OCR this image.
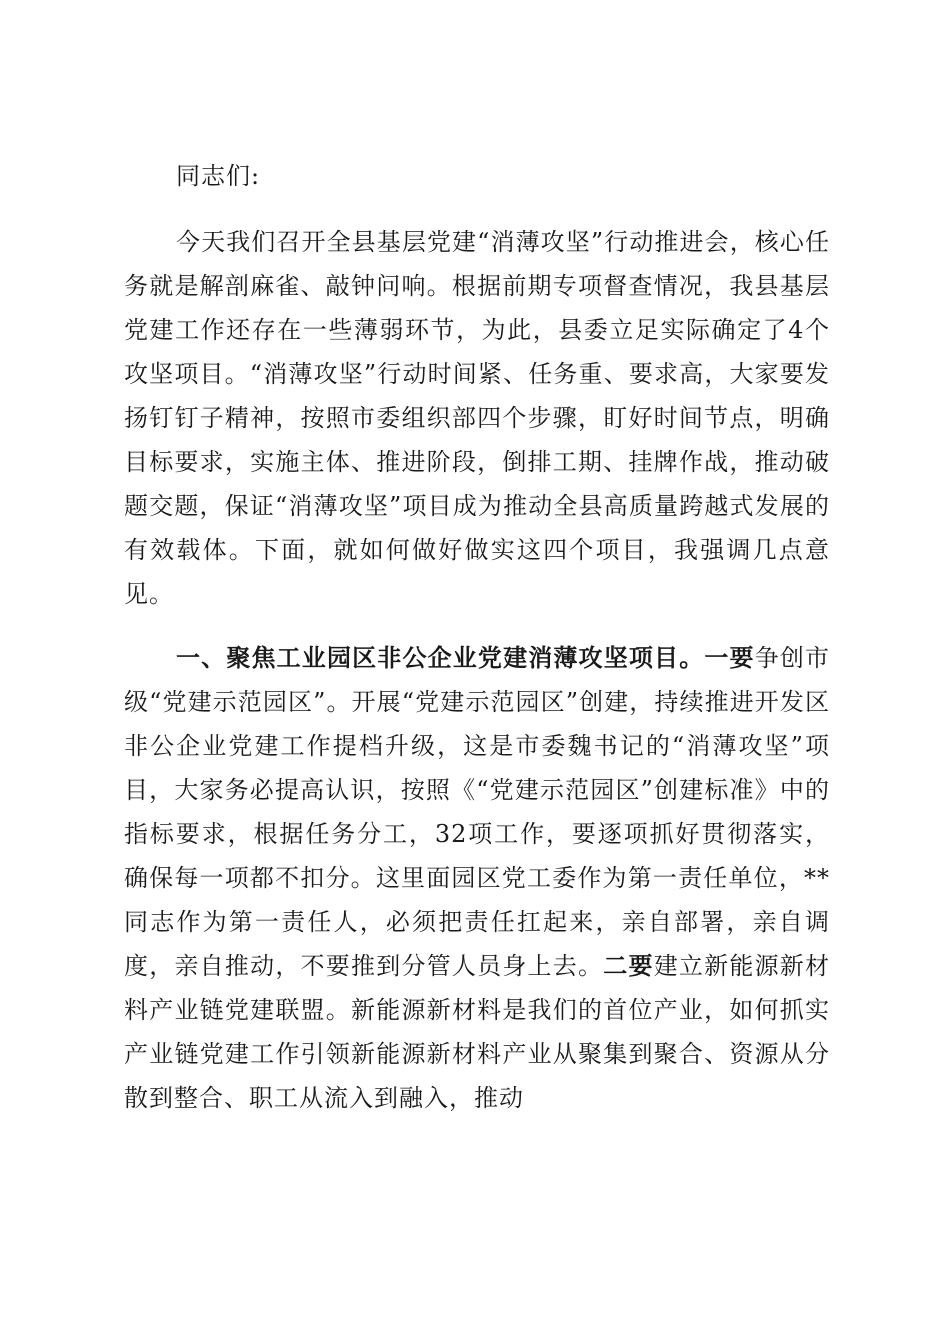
同志们:

今天我们召开全县基层党建“消薄攻坚”行动推进会，核心任务就是解剖麻雀、敲钟问响。根据前期专项督查情况，我县基层党建工作还存在一些薄弱环节，为此，县委立足实际确定了4个攻坚项目。“消薄攻坚”行动时间紧、任务重、要求高，大家要发扬钉钉子精神，按照市委组织部四个步骤，盯好时间节点，明确目标要求，实施主体、推进阶段，倒排工期、挂牌作战，推动破题交题，保证“消薄攻坚”项目成为推动全县高质量跨越式发展的有效载体。下面，就如何做好做实这四个项目，我强调几点意见。

一、聚焦工业园区非公企业党建消薄攻坚项目。一要争创市级“党建示范园区”。开展“党建示范园区”创建，持续推进开发区非公企业党建工作提档升级，这是市委魏书记的“消薄攻坚”项目，大家务必提高认识，按照《“党建示范园区”创建标准》中的指标要求，根据任务分工，32项工作，要逐项抓好贯彻落实，确保每一项都不扣分。这里面园区党工委作为第一责任单位，**同志作为第一责任人，必须把责任扛起来，亲自部署，亲自调度，亲自推动，不要推到分管人员身上去。二要建立新能源新材料产业链党建联盟。新能源新材料是我们的首位产业，如何抓实产业链党建工作引领新能源新材料产业从聚集到聚合、资源从分散到整合、职工从流入到融入，推动
